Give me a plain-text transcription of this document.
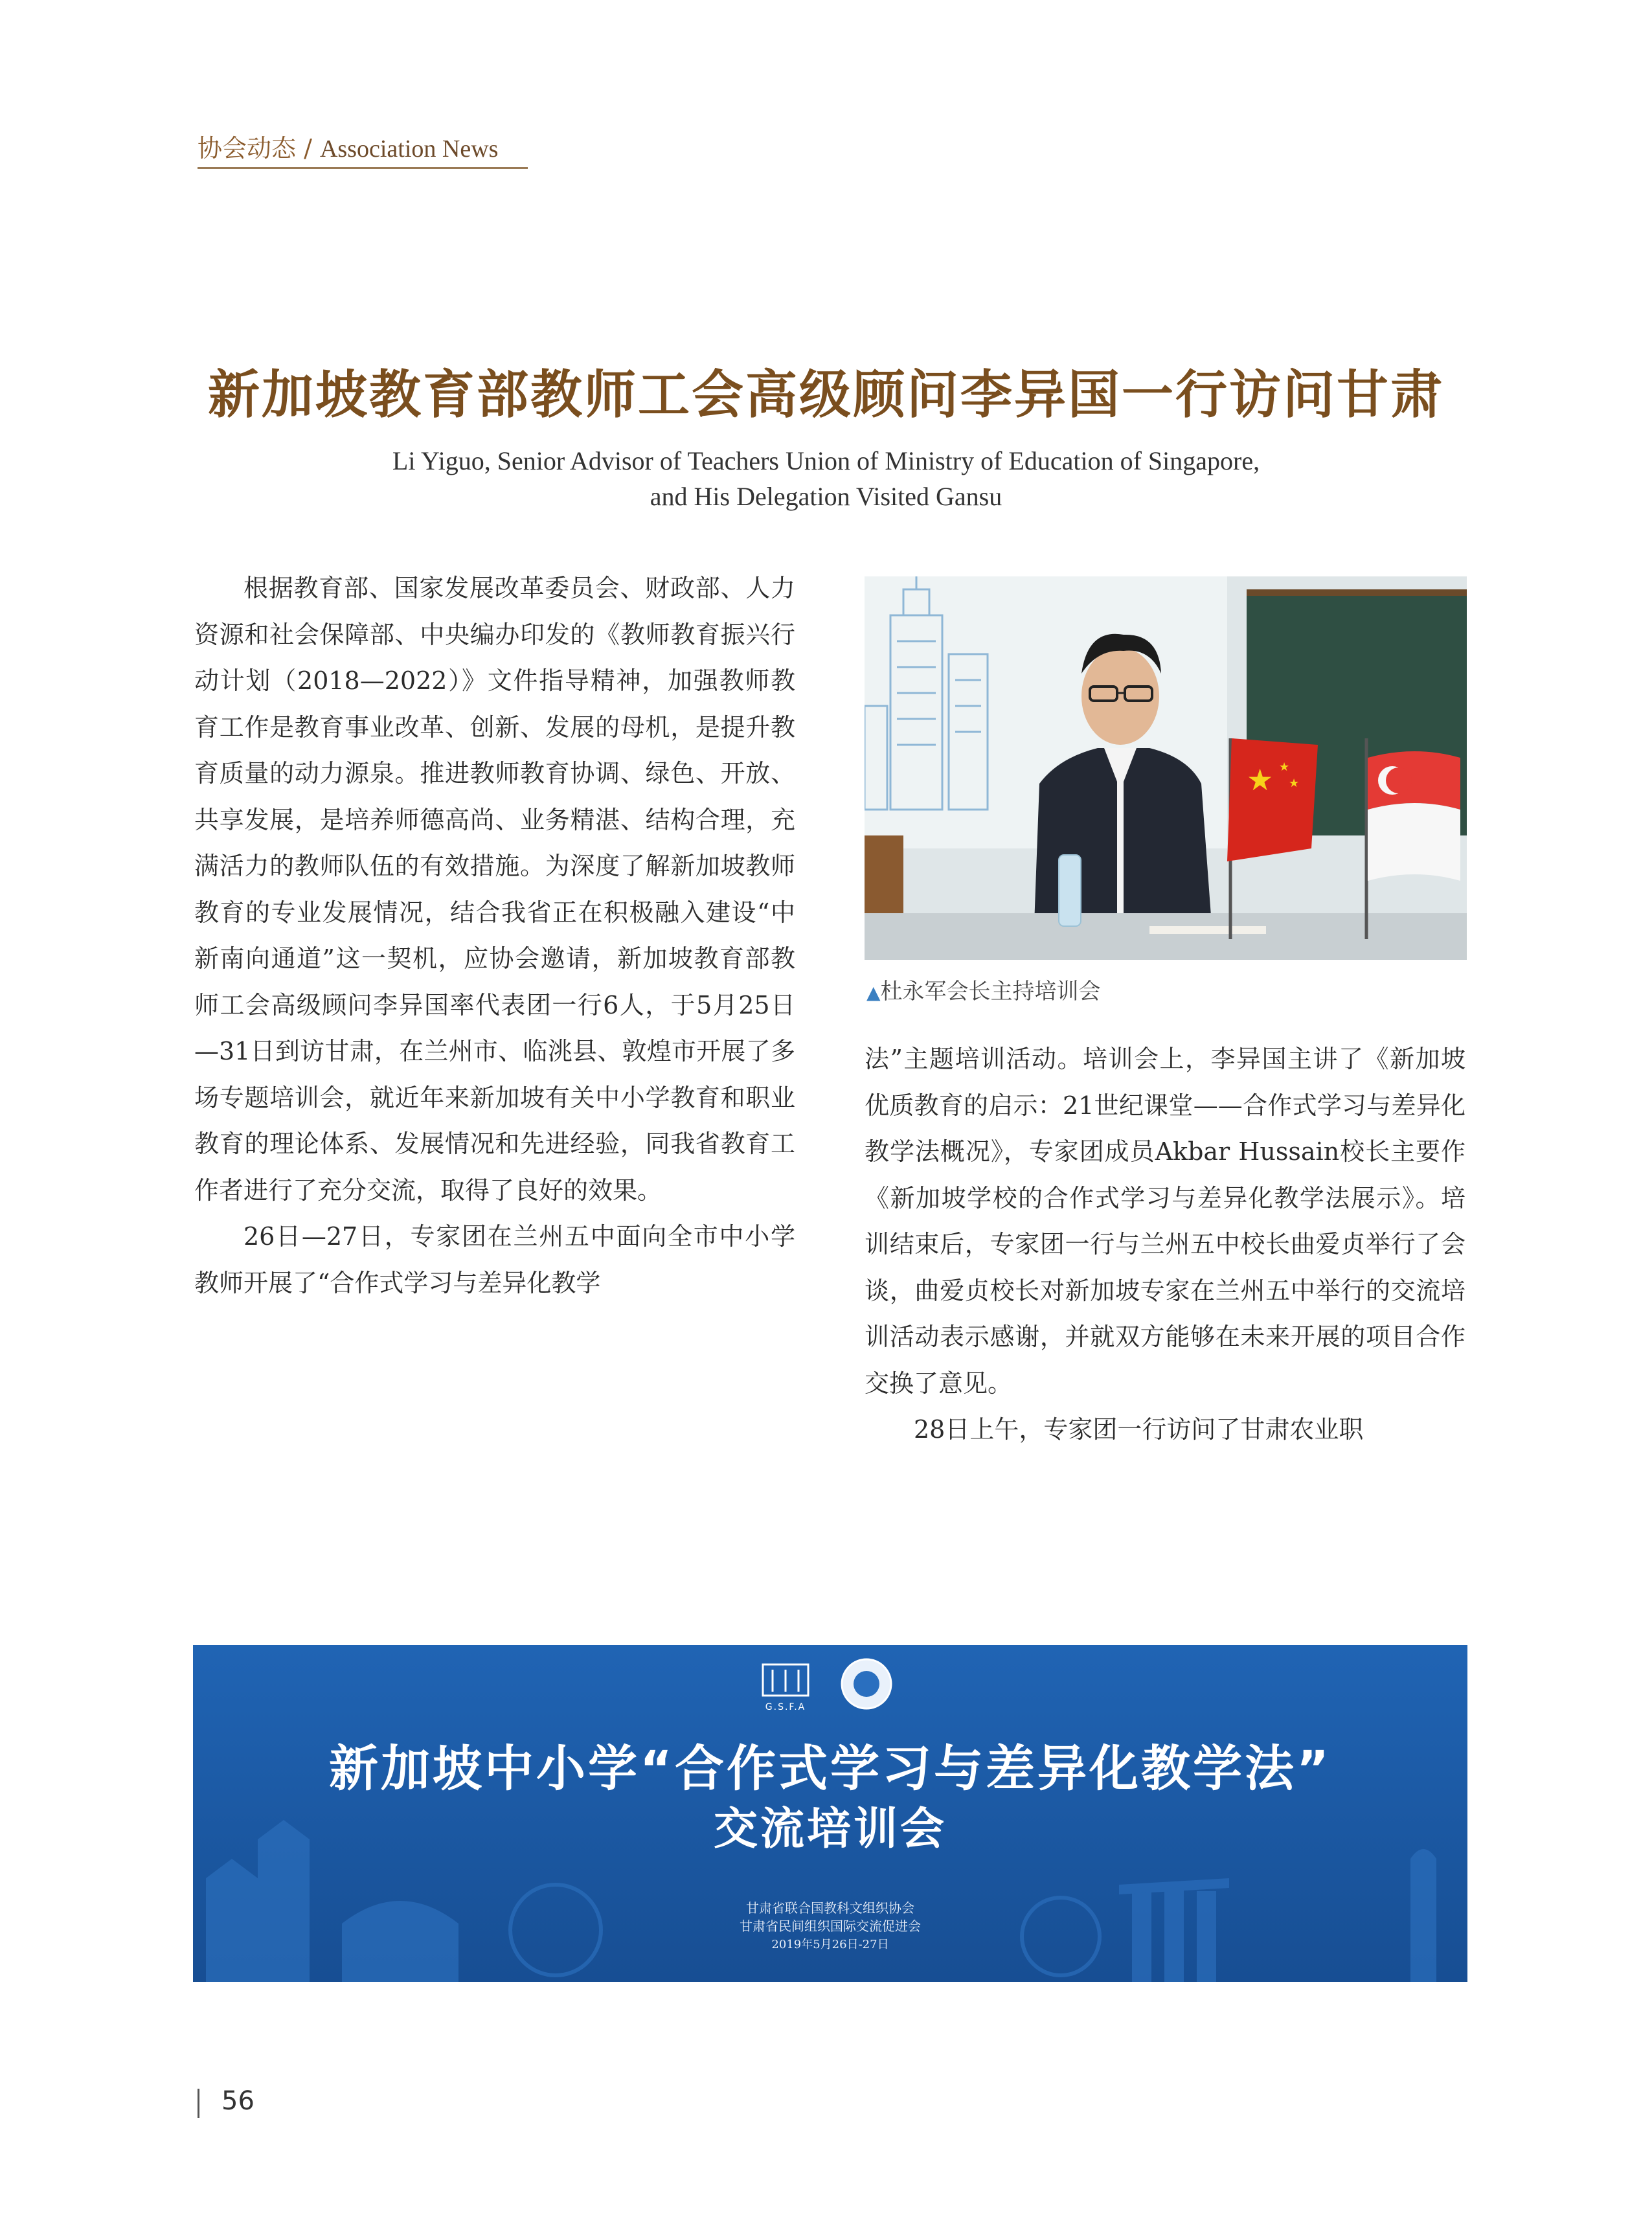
协会动态 / Association News
新加坡教育部教师工会高级顾问李异国一行访问甘肃
Li Yiguo, Senior Advisor of Teachers Union of Ministry of Education of Singapore,
and His Delegation Visited Gansu

根据教育部、国家发展改革委员会、财政部、人力资源和社会保障部、中央编办印发的《教师教育振兴行动计划（2018—2022）》文件指导精神，加强教师教育工作是教育事业改革、创新、发展的母机，是提升教育质量的动力源泉。推进教师教育协调、绿色、开放、共享发展，是培养师德高尚、业务精湛、结构合理，充满活力的教师队伍的有效措施。为深度了解新加坡教师教育的专业发展情况，结合我省正在积极融入建设“中新南向通道”这一契机，应协会邀请，新加坡教育部教师工会高级顾问李异国率代表团一行6人，于5月25日—31日到访甘肃，在兰州市、临洮县、敦煌市开展了多场专题培训会，就近年来新加坡有关中小学教育和职业教育的理论体系、发展情况和先进经验，同我省教育工作者进行了充分交流，取得了良好的效果。

26日—27日，专家团在兰州五中面向全市中小学教师开展了“合作式学习与差异化教学

★ ★
★
▲杜永军会长主持培训会

法”主题培训活动。培训会上，李异国主讲了《新加坡优质教育的启示：21世纪课堂——合作式学习与差异化教学法概况》，专家团成员Akbar Hussain校长主要作《新加坡学校的合作式学习与差异化教学法展示》。培训结束后，专家团一行与兰州五中校长曲爱贞举行了会谈，曲爱贞校长对新加坡专家在兰州五中举行的交流培训活动表示感谢，并就双方能够在未来开展的项目合作交换了意见。

28日上午，专家团一行访问了甘肃农业职

G.S.F.A
新加坡中小学“合作式学习与差异化教学法”
交流培训会
甘肃省联合国教科文组织协会
甘肃省民间组织国际交流促进会
2019年5月26日-27日
56
